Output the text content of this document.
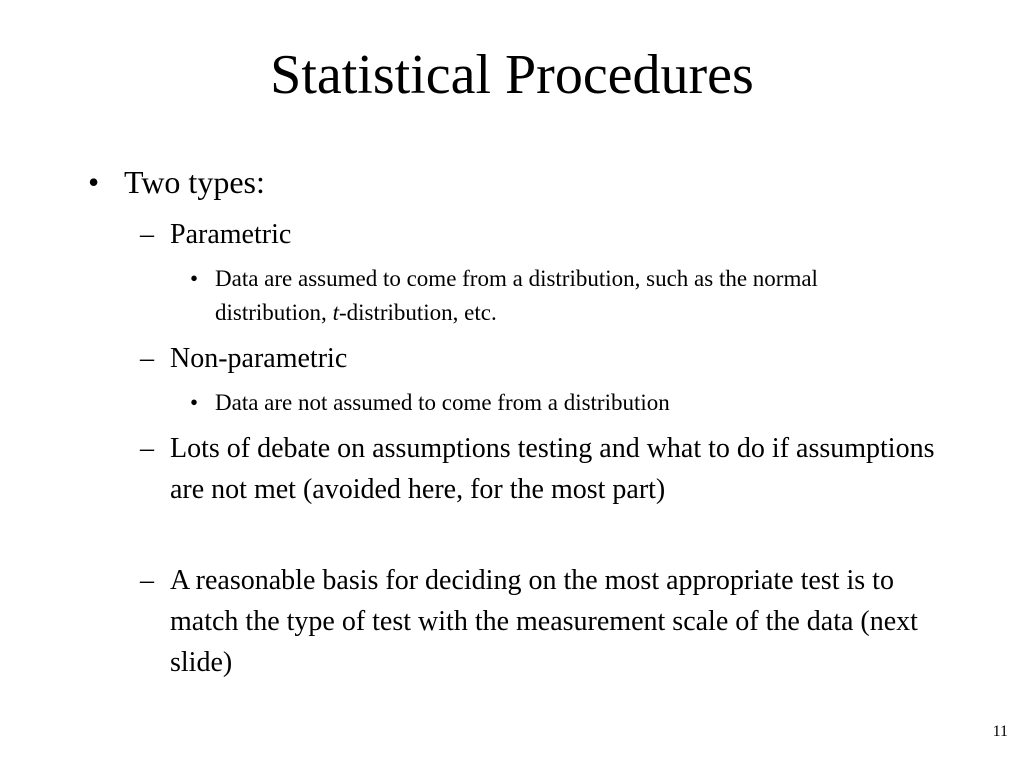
Statistical Procedures
• Two types:
– Parametric
• Data are assumed to come from a distribution, such as the normal distribution, t-distribution, etc.
– Non-parametric
• Data are not assumed to come from a distribution
– Lots of debate on assumptions testing and what to do if assumptions are not met (avoided here, for the most part)
– A reasonable basis for deciding on the most appropriate test is to match the type of test with the measurement scale of the data (next slide)
11
